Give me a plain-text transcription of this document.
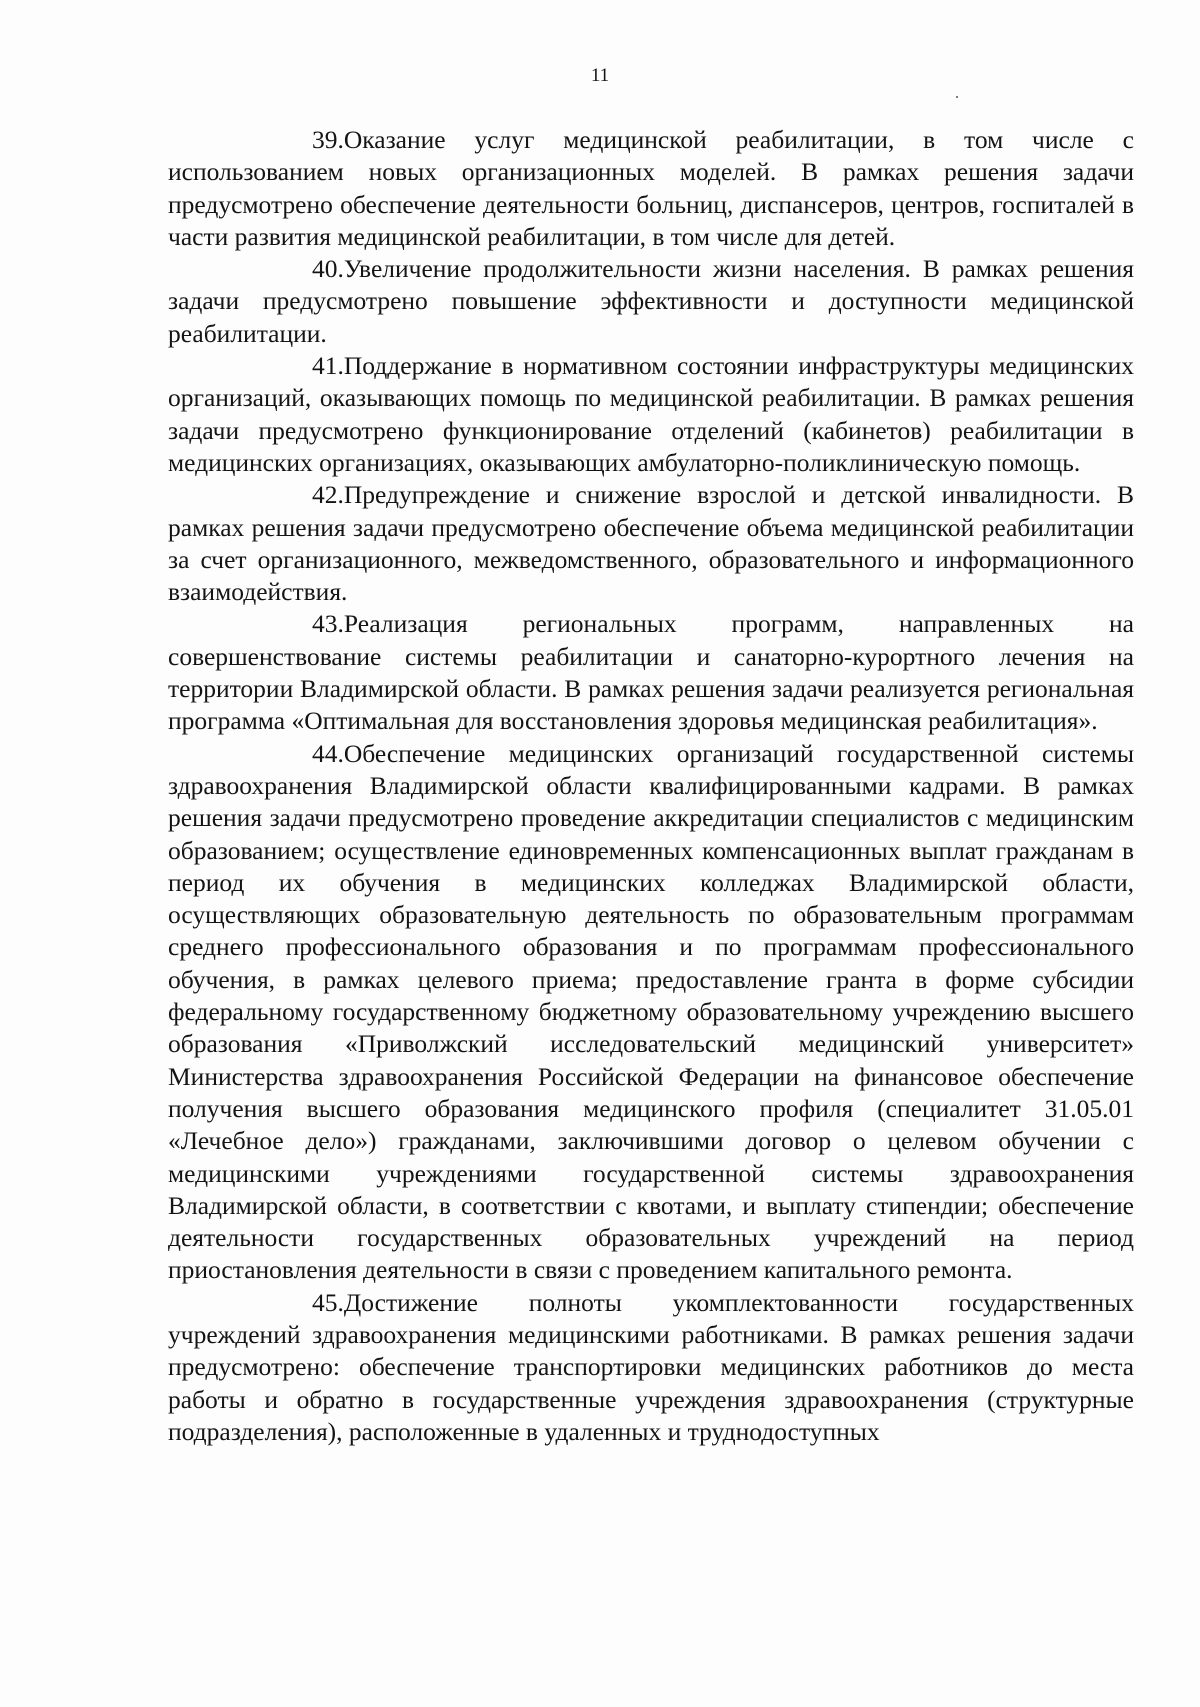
11

39.Оказание услуг медицинской реабилитации, в том числе с использованием новых организационных моделей. В рамках решения задачи предусмотрено обеспечение деятельности больниц, диспансеров, центров, госпиталей в части развития медицинской реабилитации, в том числе для детей.

40.Увеличение продолжительности жизни населения. В рамках решения задачи предусмотрено повышение эффективности и доступности медицинской реабилитации.

41.Поддержание в нормативном состоянии инфраструктуры медицинских организаций, оказывающих помощь по медицинской реабилитации. В рамках решения задачи предусмотрено функционирование отделений (кабинетов) реабилитации в медицинских организациях, оказывающих амбулаторно-поликлиническую помощь.

42.Предупреждение и снижение взрослой и детской инвалидности. В рамках решения задачи предусмотрено обеспечение объема медицинской реабилитации за счет организационного, межведомственного, образовательного и информационного взаимодействия.

43.Реализация региональных программ, направленных на совершенствование системы реабилитации и санаторно-курортного лечения на территории Владимирской области. В рамках решения задачи реализуется региональная программа «Оптимальная для восстановления здоровья медицинская реабилитация».

44.Обеспечение медицинских организаций государственной системы здравоохранения Владимирской области квалифицированными кадрами. В рамках решения задачи предусмотрено проведение аккредитации специалистов с медицинским образованием; осуществление единовременных компенсационных выплат гражданам в период их обучения в медицинских колледжах Владимирской области, осуществляющих образовательную деятельность по образовательным программам среднего профессионального образования и по программам профессионального обучения, в рамках целевого приема; предоставление гранта в форме субсидии федеральному государственному бюджетному образовательному учреждению высшего образования «Приволжский исследовательский медицинский университет» Министерства здравоохранения Российской Федерации на финансовое обеспечение получения высшего образования медицинского профиля (специалитет 31.05.01 «Лечебное дело») гражданами, заключившими договор о целевом обучении с медицинскими учреждениями государственной системы здравоохранения Владимирской области, в соответствии с квотами, и выплату стипендии; обеспечение деятельности государственных образовательных учреждений на период приостановления деятельности в связи с проведением капитального ремонта.

45.Достижение полноты укомплектованности государственных учреждений здравоохранения медицинскими работниками. В рамках решения задачи предусмотрено: обеспечение транспортировки медицинских работников до места работы и обратно в государственные учреждения здравоохранения (структурные подразделения), расположенные в удаленных и труднодоступных
